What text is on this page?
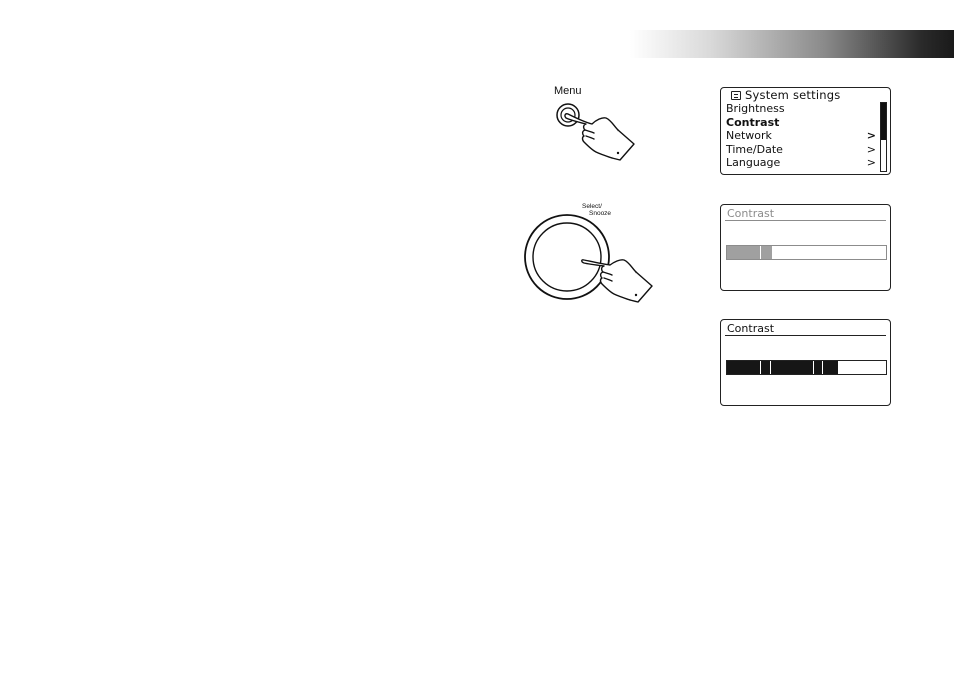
Menu
Select/
Snooze
System settings
Brightness
Contrast
Network	>
Time/Date	>
Language	>
Contrast
Contrast
